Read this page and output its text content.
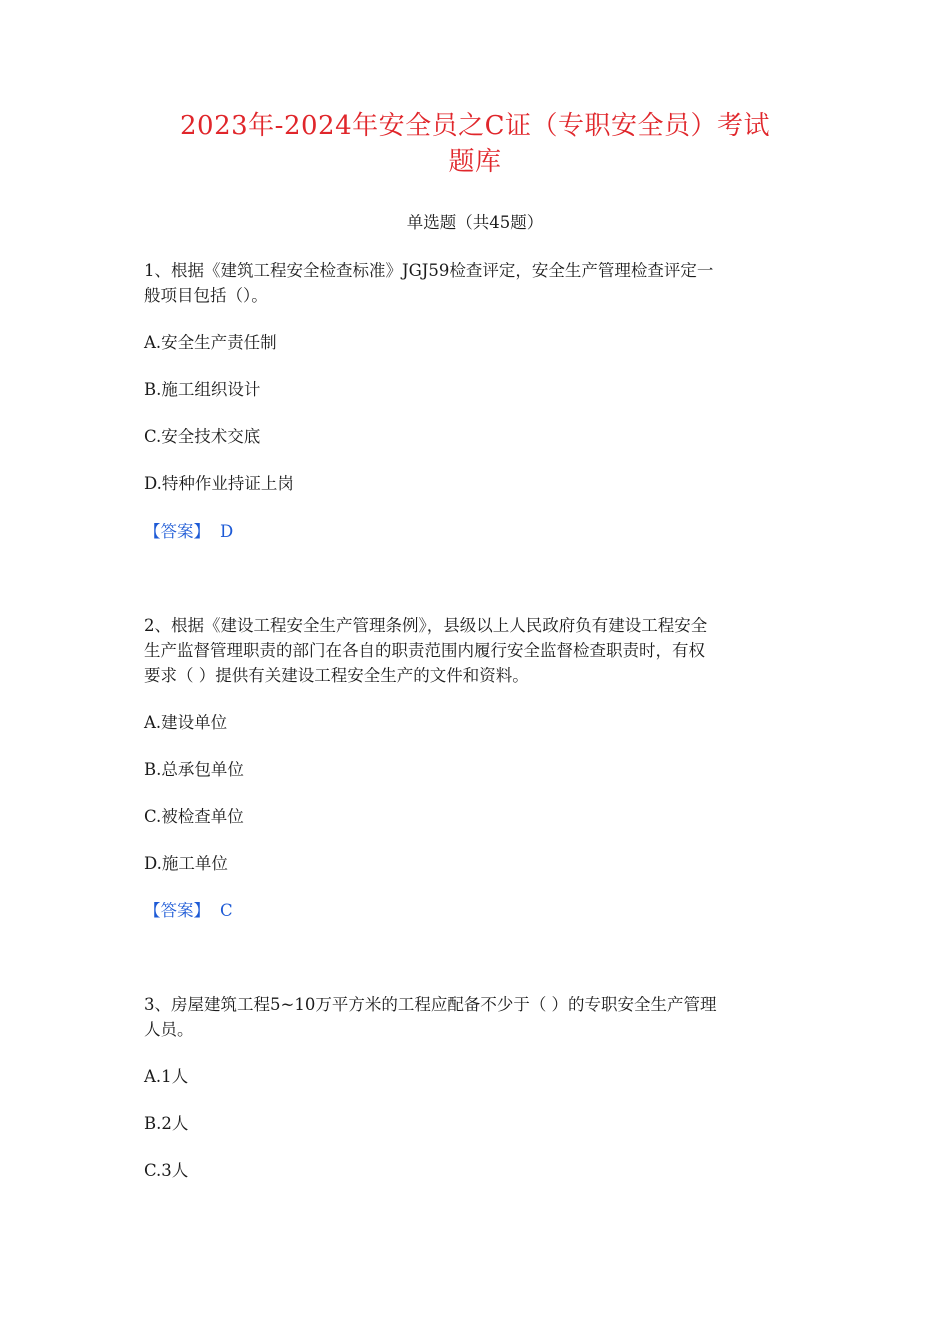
2023年-2024年安全员之C证（专职安全员）考试
题库
单选题（共45题）
1、根据《建筑工程安全检查标准》JGJ59检查评定，安全生产管理检查评定一
般项目包括（）。
A.安全生产责任制
B.施工组织设计
C.安全技术交底
D.特种作业持证上岗
【答案】 D
2、根据《建设工程安全生产管理条例》，县级以上人民政府负有建设工程安全
生产监督管理职责的部门在各自的职责范围内履行安全监督检查职责时，有权
要求（ ）提供有关建设工程安全生产的文件和资料。
A.建设单位
B.总承包单位
C.被检查单位
D.施工单位
【答案】 C
3、房屋建筑工程5~10万平方米的工程应配备不少于（ ）的专职安全生产管理
人员。
A.1人
B.2人
C.3人
